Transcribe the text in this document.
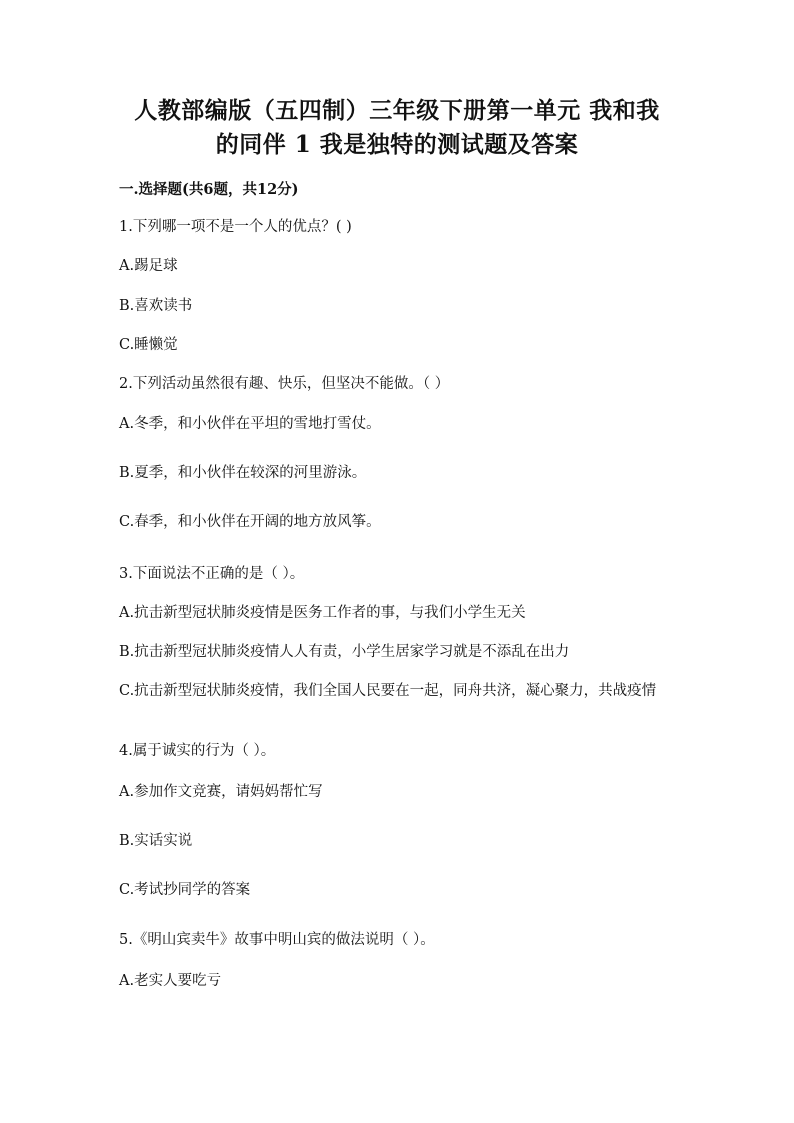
人教部编版（五四制）三年级下册第一单元 我和我
的同伴 1 我是独特的测试题及答案
一.选择题(共6题，共12分)
1.下列哪一项不是一个人的优点？( )
A.踢足球
B.喜欢读书
C.睡懒觉
2.下列活动虽然很有趣、快乐，但坚决不能做。（ ）
A.冬季，和小伙伴在平坦的雪地打雪仗。
B.夏季，和小伙伴在较深的河里游泳。
C.春季，和小伙伴在开阔的地方放风筝。
3.下面说法不正确的是（ ）。
A.抗击新型冠状肺炎疫情是医务工作者的事，与我们小学生无关
B.抗击新型冠状肺炎疫情人人有责，小学生居家学习就是不添乱在出力
C.抗击新型冠状肺炎疫情，我们全国人民要在一起，同舟共济，凝心聚力，共战疫情
4.属于诚实的行为（ ）。
A.参加作文竞赛，请妈妈帮忙写
B.实话实说
C.考试抄同学的答案
5.《明山宾卖牛》故事中明山宾的做法说明（ ）。
A.老实人要吃亏
